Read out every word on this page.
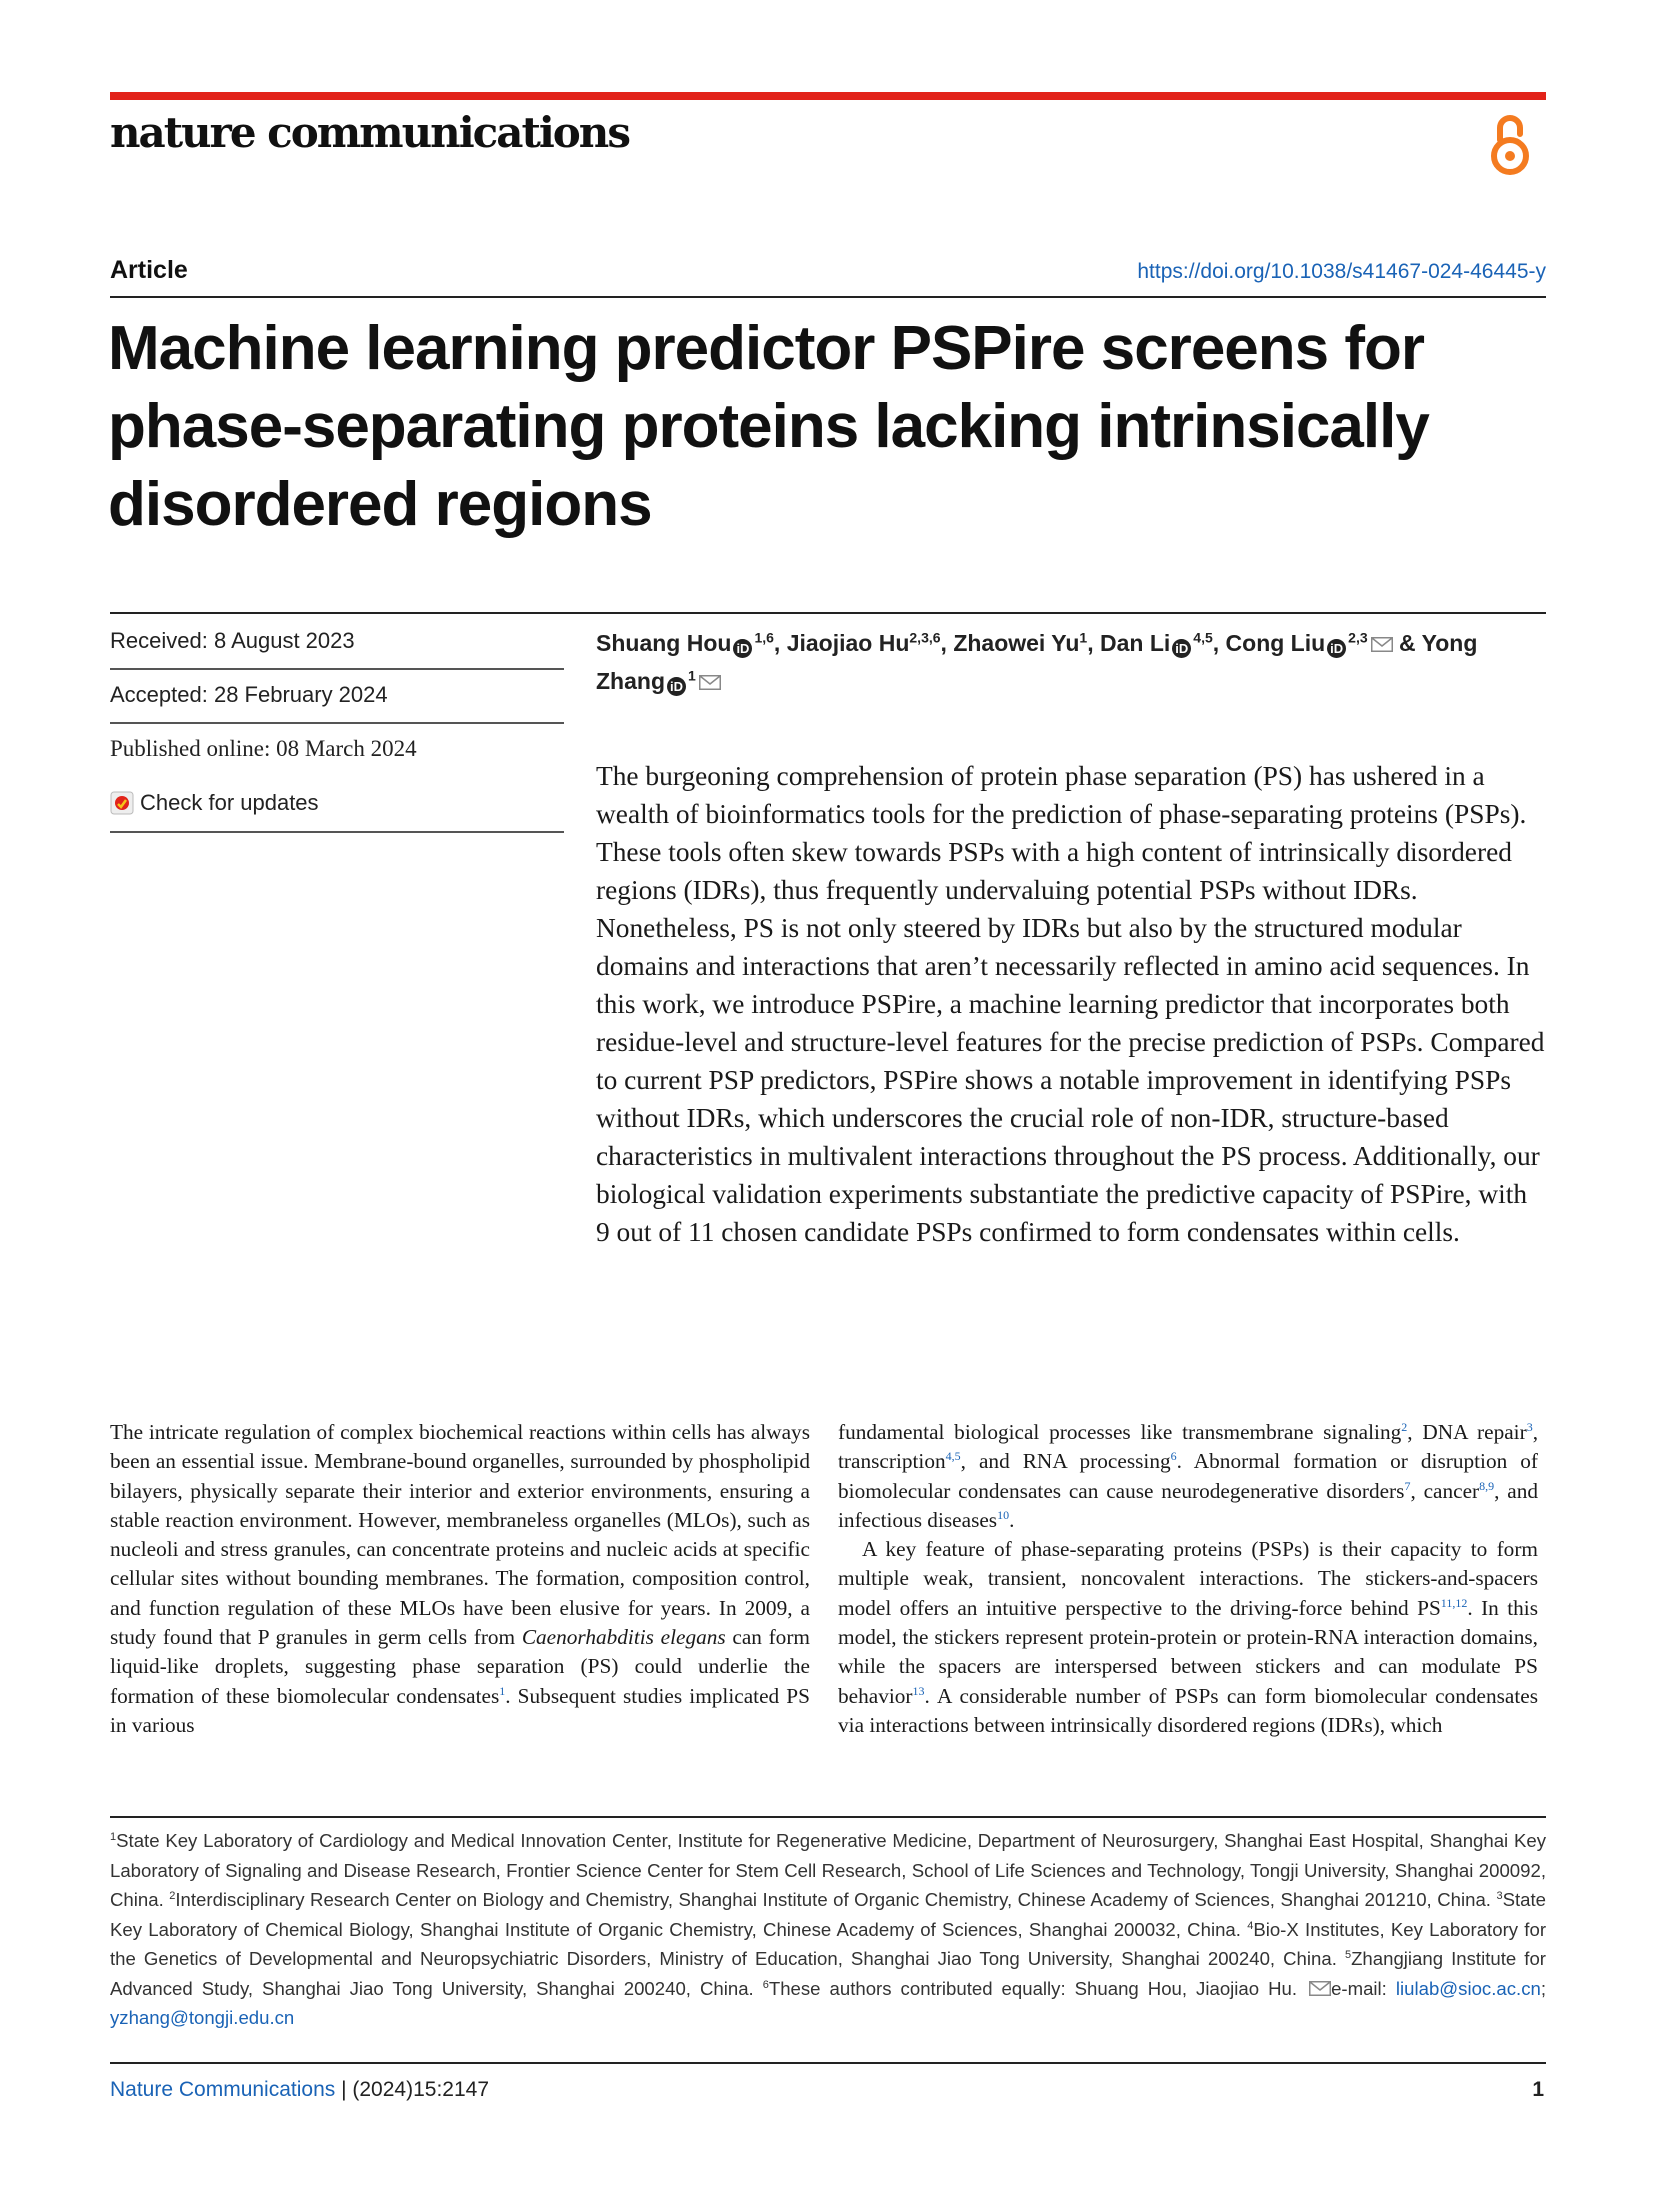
nature communications
Article	https://doi.org/10.1038/s41467-024-46445-y
Machine learning predictor PSPire screens for phase-separating proteins lacking intrinsically disordered regions
Received: 8 August 2023
Accepted: 28 February 2024
Published online: 08 March 2024
Check for updates
Shuang Hou iD$^{1,6}$, Jiaojiao Hu$^{2,3,6}$, Zhaowei Yu$^1$, Dan Li iD$^{4,5}$, Cong Liu iD$^{2,3}$ & Yong Zhang $iD^1$
The burgeoning comprehension of protein phase separation (PS) has ushered in a wealth of bioinformatics tools for the prediction of phase-separating proteins (PSPs). These tools often skew towards PSPs with a high content of intrinsically disordered regions (IDRs), thus frequently undervaluing potential PSPs without IDRs. Nonetheless, PS is not only steered by IDRs but also by the structured modular domains and interactions that aren’t necessarily reflected in amino acid sequences. In this work, we introduce PSPire, a machine learning predictor that incorporates both residue-level and structure-level features for the precise prediction of PSPs. Compared to current PSP predictors, PSPire shows a notable improvement in identifying PSPs without IDRs, which underscores the crucial role of non-IDR, structure-based characteristics in multivalent interactions throughout the PS process. Additionally, our biological validation experiments substantiate the predictive capacity of PSPire, with 9 out of 11 chosen candidate PSPs confirmed to form condensates within cells.

The intricate regulation of complex biochemical reactions within cells has always been an essential issue. Membrane-bound organelles, surrounded by phospholipid bilayers, physically separate their interior and exterior environments, ensuring a stable reaction environment. However, membraneless organelles (MLOs), such as nucleoli and stress granules, can concentrate proteins and nucleic acids at specific cellular sites without bounding membranes. The formation, composition control, and function regulation of these MLOs have been elusive for years. In 2009, a study found that P granules in germ cells from Caenorhabditis elegans can form liquid-like droplets, suggesting phase separation (PS) could underlie the formation of these biomolecular condensates$^1$. Subsequent studies implicated PS in various

fundamental biological processes like transmembrane signaling$^2$, DNA repair$^3$, transcription$^{4,5}$, and RNA processing$^6$. Abnormal formation or disruption of biomolecular condensates can cause neurodegenerative disorders$^7$, cancer$^{8,9}$, and infectious diseases$^{10}$.

A key feature of phase-separating proteins (PSPs) is their capacity to form multiple weak, transient, noncovalent interactions. The stickers-and-spacers model offers an intuitive perspective to the driving-force behind PS$^{11,12}$. In this model, the stickers represent protein-protein or protein-RNA interaction domains, while the spacers are interspersed between stickers and can modulate PS behavior$^{13}$. A considerable number of PSPs can form biomolecular condensates via interactions between intrinsically disordered regions (IDRs), which

$^1$State Key Laboratory of Cardiology and Medical Innovation Center, Institute for Regenerative Medicine, Department of Neurosurgery, Shanghai East Hospital, Shanghai Key Laboratory of Signaling and Disease Research, Frontier Science Center for Stem Cell Research, School of Life Sciences and Technology, Tongji University, Shanghai 200092, China. $^2$Interdisciplinary Research Center on Biology and Chemistry, Shanghai Institute of Organic Chemistry, Chinese Academy of Sciences, Shanghai 201210, China. $^3$State Key Laboratory of Chemical Biology, Shanghai Institute of Organic Chemistry, Chinese Academy of Sciences, Shanghai 200032, China. $^4$Bio-X Institutes, Key Laboratory for the Genetics of Developmental and Neuropsychiatric Disorders, Ministry of Education, Shanghai Jiao Tong University, Shanghai 200240, China. $^5$Zhangjiang Institute for Advanced Study, Shanghai Jiao Tong University, Shanghai 200240, China. $^6$These authors contributed equally: Shuang Hou, Jiaojiao Hu. e-mail: liulab@sioc.ac.cn; yzhang@tongji.edu.cn
Nature Communications | (2024)15:2147	1
